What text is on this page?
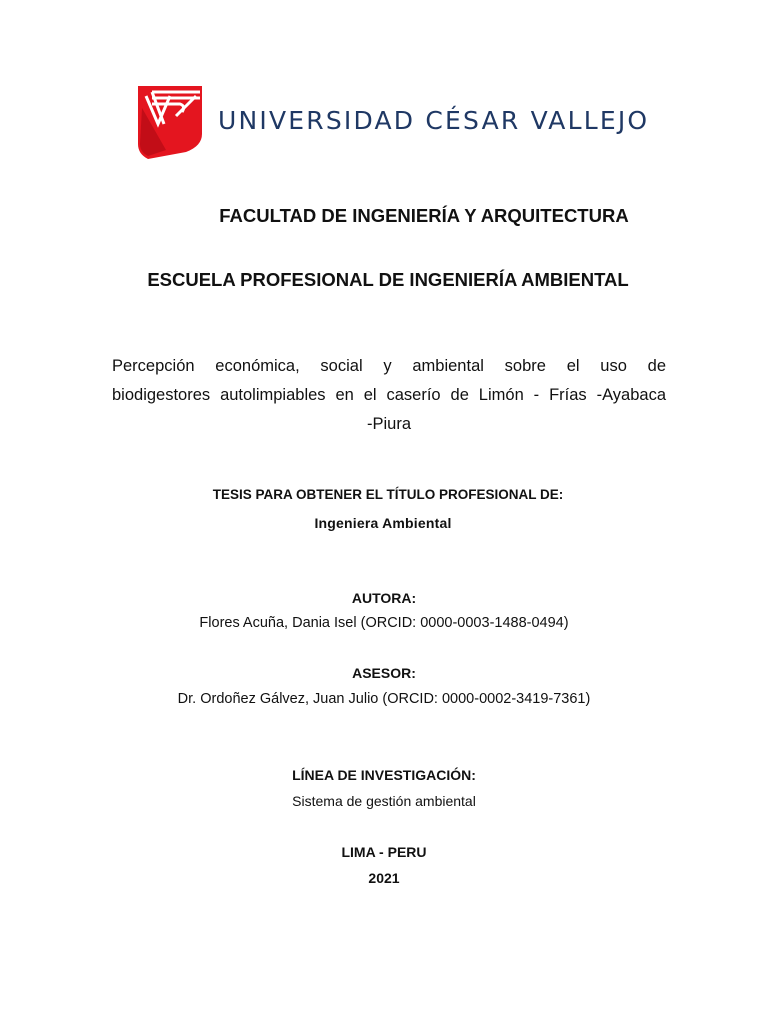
UNIVERSIDAD CÉSAR VALLEJO
FACULTAD DE INGENIERÍA Y ARQUITECTURA
ESCUELA PROFESIONAL DE INGENIERÍA AMBIENTAL
Percepción económica, social y ambiental sobre el uso de
biodigestores autolimpiables en el caserío de Limón - Frías -Ayabaca
-Piura
TESIS PARA OBTENER EL TÍTULO PROFESIONAL DE:
Ingeniera Ambiental
AUTORA:
Flores Acuña, Dania Isel (ORCID: 0000-0003-1488-0494)
ASESOR:
Dr. Ordoñez Gálvez, Juan Julio (ORCID: 0000-0002-3419-7361)
LÍNEA DE INVESTIGACIÓN:
Sistema de gestión ambiental
LIMA - PERU
2021
